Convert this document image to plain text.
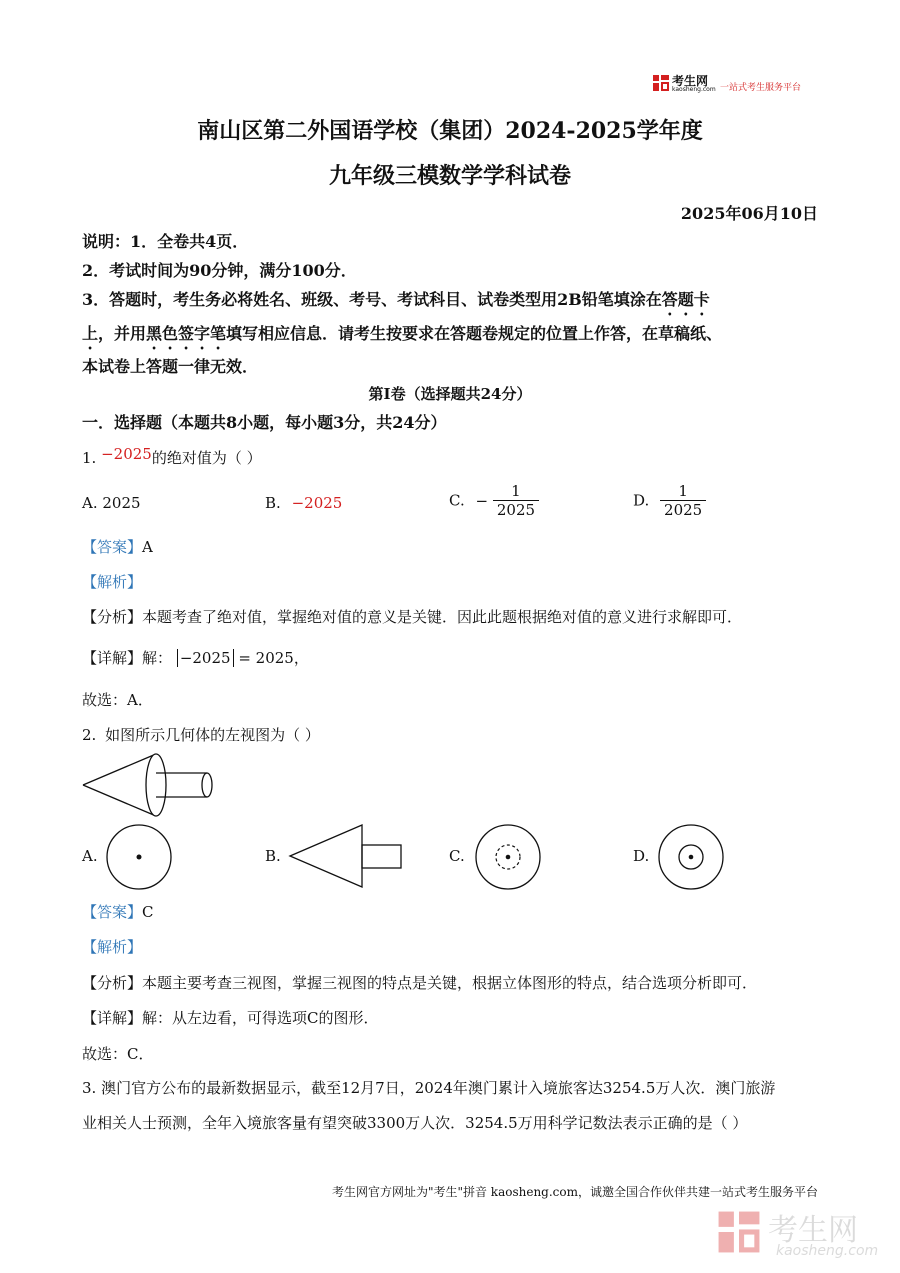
考生网
kaosheng.com 一站式考生服务平台
南山区第二外国语学校（集团）2024-2025学年度
九年级三模数学学科试卷
2025年06月10日
说明：1．全卷共4页．
2．考试时间为90分钟，满分100分．
3．答题时，考生务必将姓名、班级、考号、考试科目、试卷类型用2B铅笔填涂在答题卡
上，并用黑色签字笔填写相应信息．请考生按要求在答题卷规定的位置上作答，在草稿纸、
本试卷上答题一律无效．
第Ⅰ卷（选择题共24分）
一．选择题（本题共8小题，每小题3分，共24分）
1. −2025的绝对值为（ ）
A. 2025	B. −2025	C. − $\frac{1}{2025}$	D. $\frac{1}{2025}$
【答案】A
【解析】
【分析】本题考查了绝对值，掌握绝对值的意义是关键．因此此题根据绝对值的意义进行求解即可．
【详解】解： −2025 = 2025，
故选：A．
2. 如图所示几何体的左视图为（ ）
A.	B.	C.	D.
【答案】C
【解析】
【分析】本题主要考查三视图，掌握三视图的特点是关键，根据立体图形的特点，结合选项分析即可．
【详解】解：从左边看，可得选项C的图形．
故选：C．
3. 澳门官方公布的最新数据显示，截至12月7日，2024年澳门累计入境旅客达3254.5万人次．澳门旅游
业相关人士预测，全年入境旅客量有望突破3300万人次．3254.5万用科学记数法表示正确的是（ ）
考生网官方网址为"考生"拼音 kaosheng.com，诚邀全国合作伙伴共建一站式考生服务平台
考生网
kaosheng.com
